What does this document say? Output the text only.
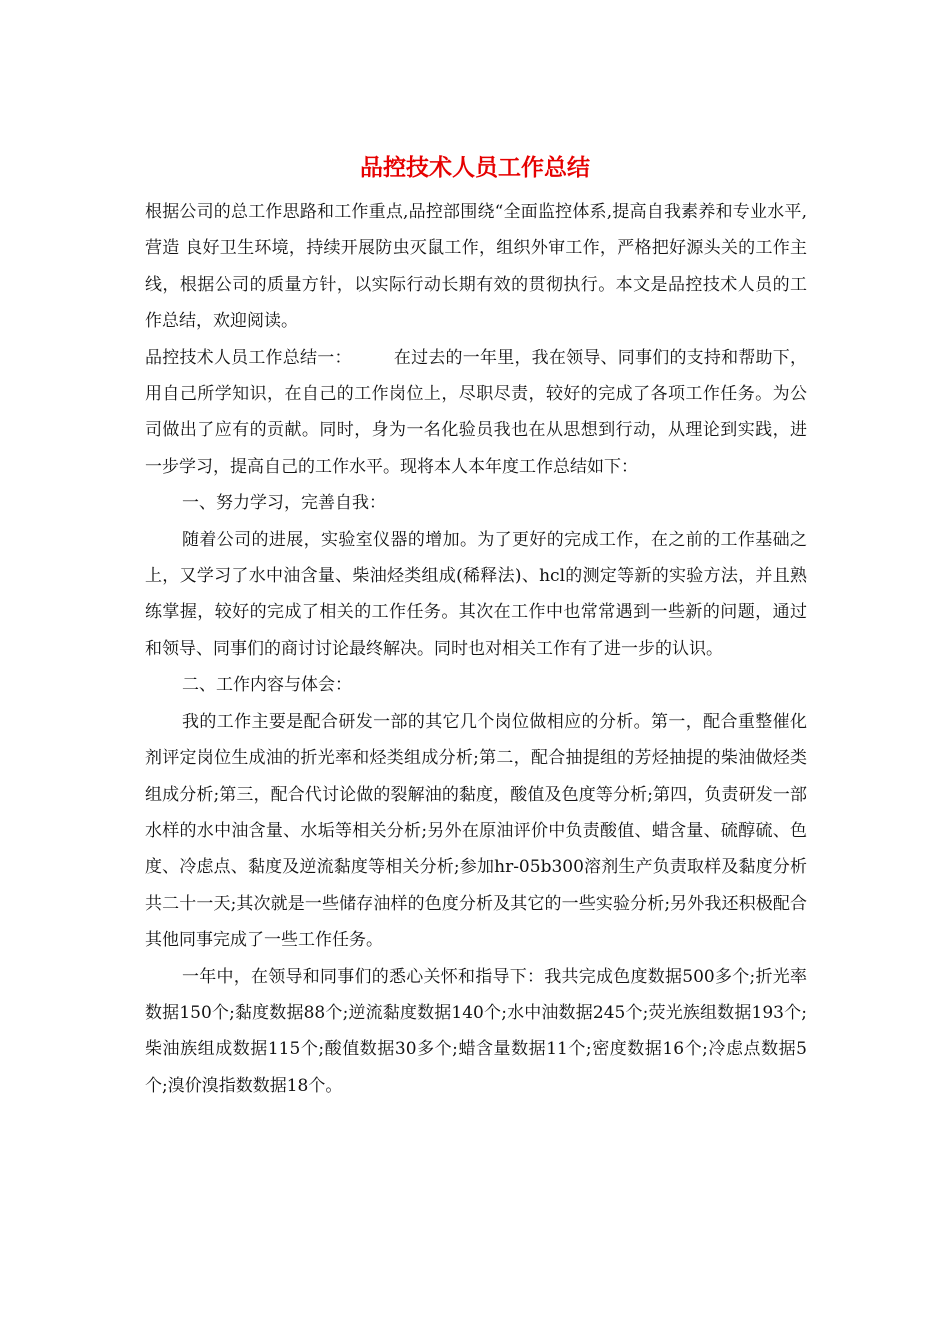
品控技术人员工作总结

根据公司的总工作思路和工作重点,品控部围绕“全面监控体系,提高自我素养和专业水平,营造 良好卫生环境，持续开展防虫灭鼠工作，组织外审工作，严格把好源头关的工作主线，根据公司的质量方针，以实际行动长期有效的贯彻执行。本文是品控技术人员的工作总结，欢迎阅读。

品控技术人员工作总结一： 在过去的一年里，我在领导、同事们的支持和帮助下，用自己所学知识，在自己的工作岗位上，尽职尽责，较好的完成了各项工作任务。为公司做出了应有的贡献。同时，身为一名化验员我也在从思想到行动，从理论到实践，进一步学习，提高自己的工作水平。现将本人本年度工作总结如下：

一、努力学习，完善自我：

随着公司的进展，实验室仪器的增加。为了更好的完成工作，在之前的工作基础之上，又学习了水中油含量、柴油烃类组成(稀释法)、hcl的测定等新的实验方法，并且熟练掌握，较好的完成了相关的工作任务。其次在工作中也常常遇到一些新的问题，通过和领导、同事们的商讨讨论最终解决。同时也对相关工作有了进一步的认识。

二、工作内容与体会：

我的工作主要是配合研发一部的其它几个岗位做相应的分析。第一，配合重整催化剂评定岗位生成油的折光率和烃类组成分析;第二，配合抽提组的芳烃抽提的柴油做烃类组成分析;第三，配合代讨论做的裂解油的黏度，酸值及色度等分析;第四，负责研发一部水样的水中油含量、水垢等相关分析;另外在原油评价中负责酸值、蜡含量、硫醇硫、色度、冷虑点、黏度及逆流黏度等相关分析;参加hr-05b300溶剂生产负责取样及黏度分析共二十一天;其次就是一些储存油样的色度分析及其它的一些实验分析;另外我还积极配合其他同事完成了一些工作任务。

一年中，在领导和同事们的悉心关怀和指导下：我共完成色度数据500多个;折光率数据150个;黏度数据88个;逆流黏度数据140个;水中油数据245个;荧光族组数据193个;柴油族组成数据115个;酸值数据30多个;蜡含量数据11个;密度数据16个;冷虑点数据5个;溴价溴指数数据18个。
